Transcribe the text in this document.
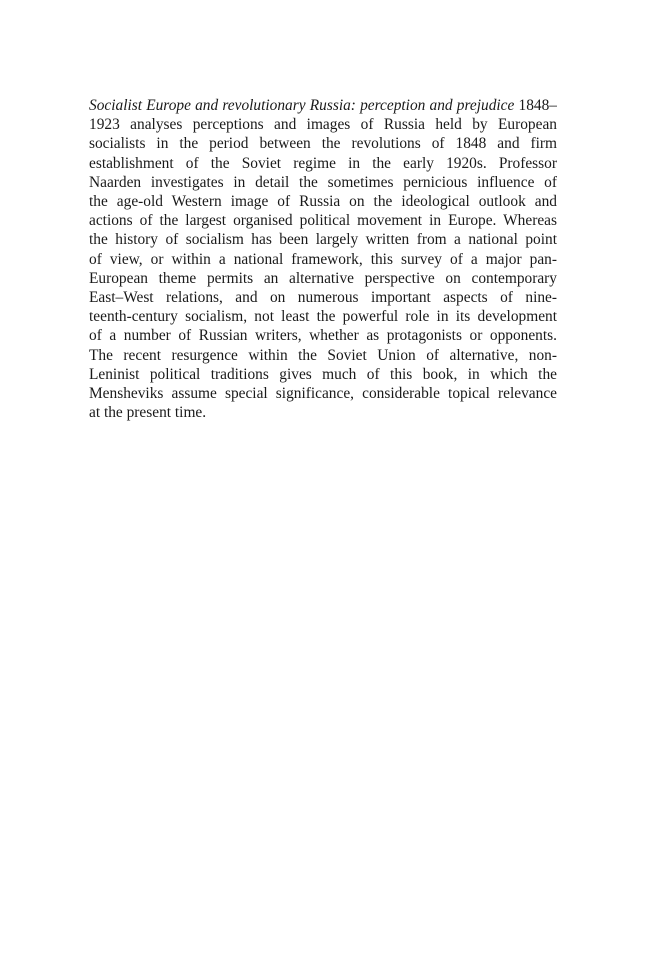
Socialist Europe and revolutionary Russia: perception and prejudice 1848–
1923 analyses perceptions and images of Russia held by European
socialists in the period between the revolutions of 1848 and firm
establishment of the Soviet regime in the early 1920s. Professor
Naarden investigates in detail the sometimes pernicious influence of
the age-old Western image of Russia on the ideological outlook and
actions of the largest organised political movement in Europe. Whereas
the history of socialism has been largely written from a national point
of view, or within a national framework, this survey of a major pan-
European theme permits an alternative perspective on contemporary
East–West relations, and on numerous important aspects of nine-
teenth-century socialism, not least the powerful role in its development
of a number of Russian writers, whether as protagonists or opponents.
The recent resurgence within the Soviet Union of alternative, non-
Leninist political traditions gives much of this book, in which the
Mensheviks assume special significance, considerable topical relevance
at the present time.
